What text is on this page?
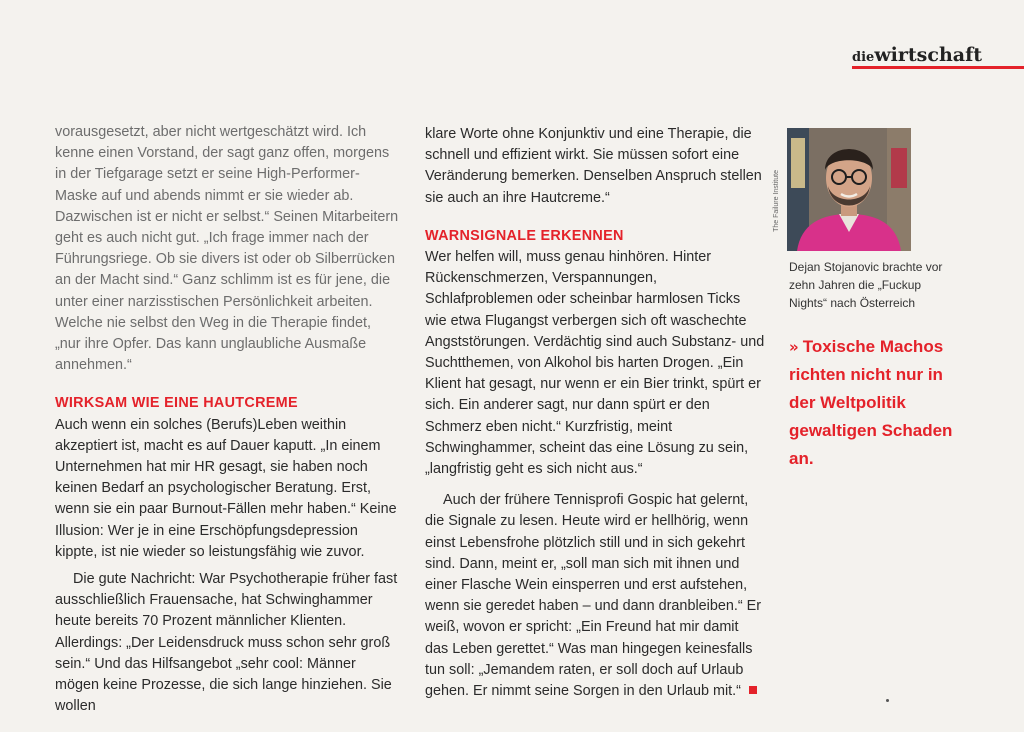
diewirtschaft

vorausgesetzt, aber nicht wertgeschätzt wird. Ich kenne einen Vorstand, der sagt ganz offen, morgens in der Tiefgarage setzt er seine High-Performer-Maske auf und abends nimmt er sie wieder ab. Dazwischen ist er nicht er selbst.“ Seinen Mitarbeitern geht es auch nicht gut. „Ich frage immer nach der Führungsriege. Ob sie divers ist oder ob Silberrücken an der Macht sind.“ Ganz schlimm ist es für jene, die unter einer narzisstischen Persönlichkeit arbeiten. Welche nie selbst den Weg in die Therapie findet, „nur ihre Opfer. Das kann unglaubliche Ausmaße annehmen.“

WIRKSAM WIE EINE HAUTCREME

Auch wenn ein solches (Berufs)Leben weithin akzeptiert ist, macht es auf Dauer kaputt. „In einem Unternehmen hat mir HR gesagt, sie haben noch keinen Bedarf an psychologischer Beratung. Erst, wenn sie ein paar Burnout-Fällen mehr haben.“ Keine Illusion: Wer je in eine Erschöpfungsdepression kippte, ist nie wieder so leistungsfähig wie zuvor.

Die gute Nachricht: War Psychotherapie früher fast ausschließlich Frauensache, hat Schwinghammer heute bereits 70 Prozent männlicher Klienten. Allerdings: „Der Leidensdruck muss schon sehr groß sein.“ Und das Hilfsangebot „sehr cool: Männer mögen keine Prozesse, die sich lange hinziehen. Sie wollen

klare Worte ohne Konjunktiv und eine Therapie, die schnell und effizient wirkt. Sie müssen sofort eine Veränderung bemerken. Denselben Anspruch stellen sie auch an ihre Hautcreme.“

WARNSIGNALE ERKENNEN

Wer helfen will, muss genau hinhören. Hinter Rückenschmerzen, Verspannungen, Schlafproblemen oder scheinbar harmlosen Ticks wie etwa Flugangst verbergen sich oft waschechte Angststörungen. Verdächtig sind auch Substanz- und Suchtthemen, von Alkohol bis harten Drogen. „Ein Klient hat gesagt, nur wenn er ein Bier trinkt, spürt er sich. Ein anderer sagt, nur dann spürt er den Schmerz eben nicht.“ Kurzfristig, meint Schwinghammer, scheint das eine Lösung zu sein, „langfristig geht es sich nicht aus.“

Auch der frühere Tennisprofi Gospic hat gelernt, die Signale zu lesen. Heute wird er hellhörig, wenn einst Lebensfrohe plötzlich still und in sich gekehrt sind. Dann, meint er, „soll man sich mit ihnen und einer Flasche Wein einsperren und erst aufstehen, wenn sie geredet haben – und dann dranbleiben.“ Er weiß, wovon er spricht: „Ein Freund hat mir damit das Leben gerettet.“ Was man hingegen keinesfalls tun soll: „Jemandem raten, er soll doch auf Urlaub gehen. Er nimmt seine Sorgen in den Urlaub mit.“

The Failure Institute
Dejan Stojanovic brachte vor zehn Jahren die „Fuckup Nights“ nach Österreich
» Toxische Machos richten nicht nur in der Weltpolitik gewaltigen Schaden an.
